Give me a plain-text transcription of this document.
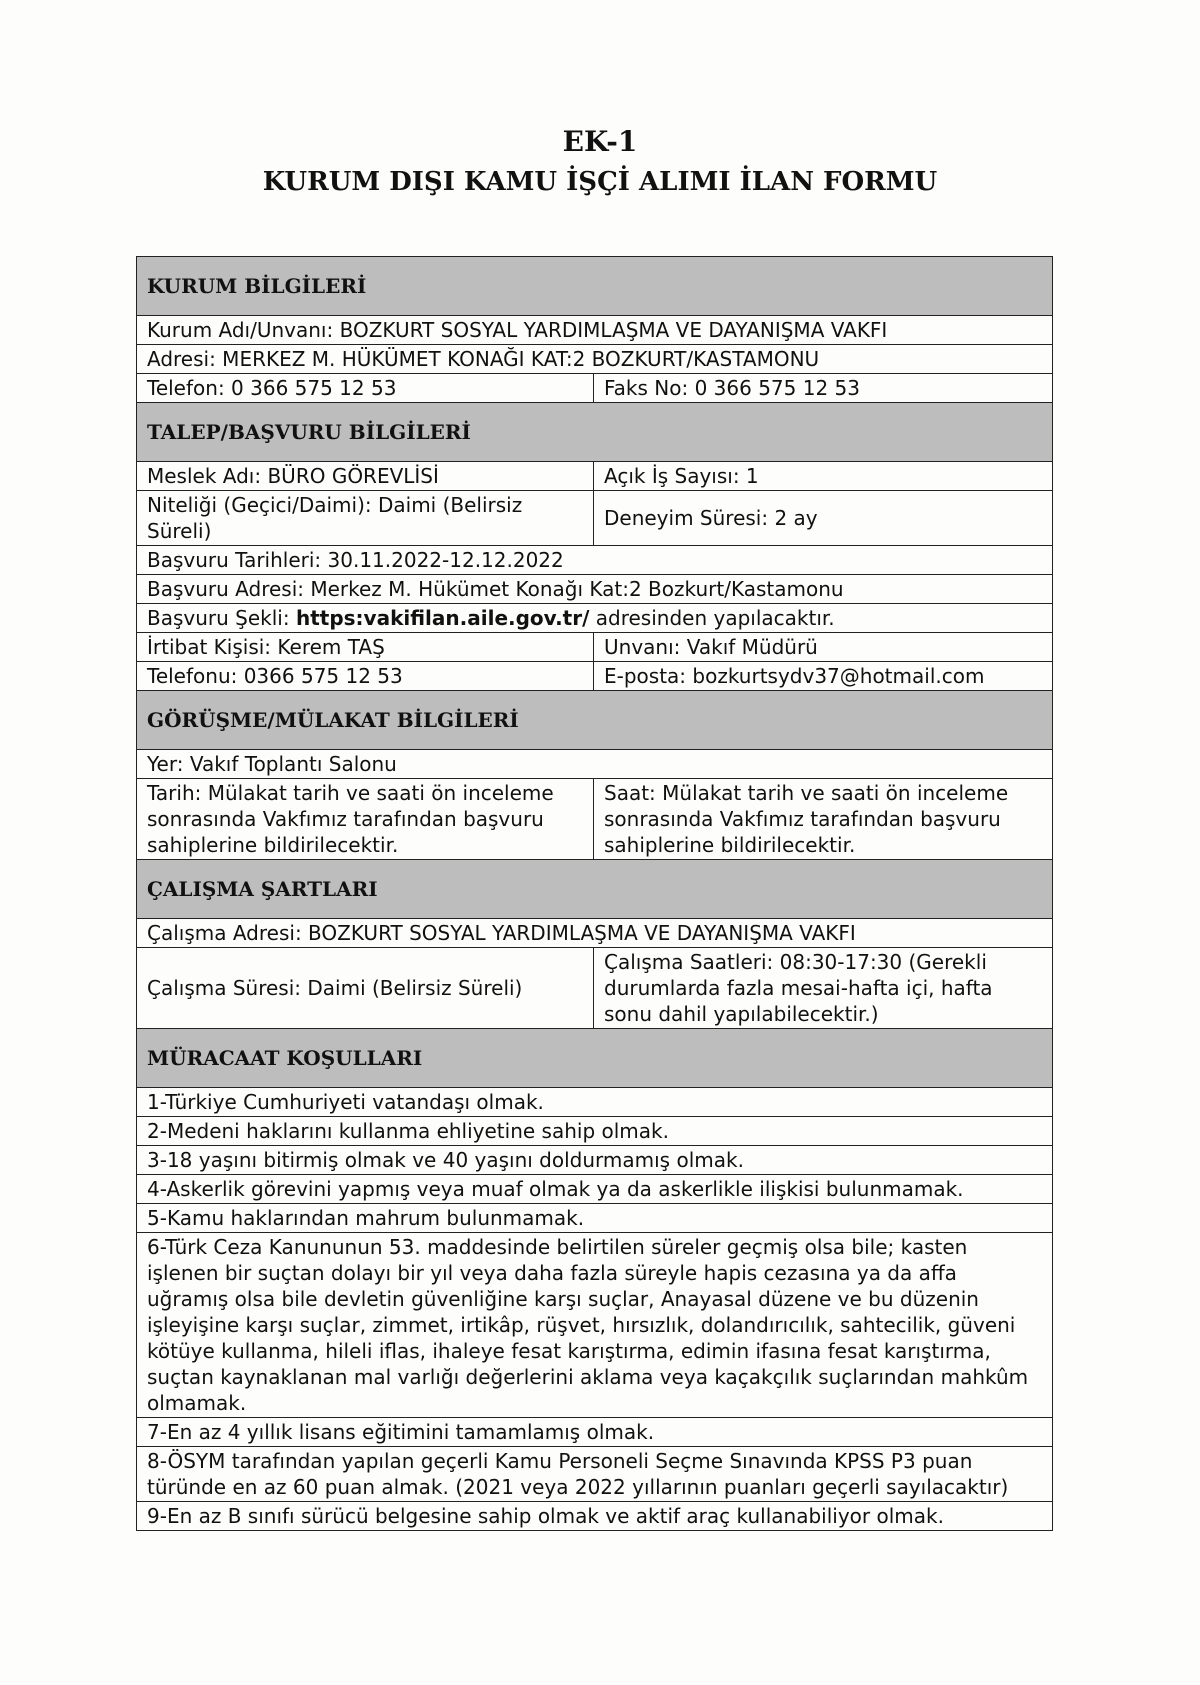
EK-1
KURUM DIŞI KAMU İŞÇİ ALIMI İLAN FORMU
KURUM BİLGİLERİ	
Kurum Adı/Unvanı: BOZKURT SOSYAL YARDIMLAŞMA VE DAYANIŞMA VAKFI	
Adresi: MERKEZ M. HÜKÜMET KONAĞI KAT:2 BOZKURT/KASTAMONU	
Telefon: 0 366 575 12 53	Faks No: 0 366 575 12 53
TALEP/BAŞVURU BİLGİLERİ	
Meslek Adı: BÜRO GÖREVLİSİ	Açık İş Sayısı: 1
Niteliği (Geçici/Daimi): Daimi (Belirsiz Süreli)	Deneyim Süresi: 2 ay
Başvuru Tarihleri: 30.11.2022-12.12.2022	
Başvuru Adresi: Merkez M. Hükümet Konağı Kat:2 Bozkurt/Kastamonu	
Başvuru Şekli: https:vakifilan.aile.gov.tr/ adresinden yapılacaktır.	
İrtibat Kişisi: Kerem TAŞ	Unvanı: Vakıf Müdürü
Telefonu: 0366 575 12 53	E-posta: bozkurtsydv37@hotmail.com
GÖRÜŞME/MÜLAKAT BİLGİLERİ	
Yer: Vakıf Toplantı Salonu	
Tarih: Mülakat tarih ve saati ön inceleme sonrasında Vakfımız tarafından başvuru sahiplerine bildirilecektir.	Saat: Mülakat tarih ve saati ön inceleme sonrasında Vakfımız tarafından başvuru sahiplerine bildirilecektir.
ÇALIŞMA ŞARTLARI	
Çalışma Adresi: BOZKURT SOSYAL YARDIMLAŞMA VE DAYANIŞMA VAKFI	
Çalışma Süresi: Daimi (Belirsiz Süreli)	Çalışma Saatleri: 08:30-17:30 (Gerekli durumlarda fazla mesai-hafta içi, hafta sonu dahil yapılabilecektir.)
MÜRACAAT KOŞULLARI	
1-Türkiye Cumhuriyeti vatandaşı olmak.	
2-Medeni haklarını kullanma ehliyetine sahip olmak.	
3-18 yaşını bitirmiş olmak ve 40 yaşını doldurmamış olmak.	
4-Askerlik görevini yapmış veya muaf olmak ya da askerlikle ilişkisi bulunmamak.	
5-Kamu haklarından mahrum bulunmamak.	
6-Türk Ceza Kanununun 53. maddesinde belirtilen süreler geçmiş olsa bile; kasten işlenen bir suçtan dolayı bir yıl veya daha fazla süreyle hapis cezasına ya da affa uğramış olsa bile devletin güvenliğine karşı suçlar, Anayasal düzene ve bu düzenin işleyişine karşı suçlar, zimmet, irtikâp, rüşvet, hırsızlık, dolandırıcılık, sahtecilik, güveni kötüye kullanma, hileli iflas, ihaleye fesat karıştırma, edimin ifasına fesat karıştırma, suçtan kaynaklanan mal varlığı değerlerini aklama veya kaçakçılık suçlarından mahkûm olmamak.	
7-En az 4 yıllık lisans eğitimini tamamlamış olmak.	
8-ÖSYM tarafından yapılan geçerli Kamu Personeli Seçme Sınavında KPSS P3 puan türünde en az 60 puan almak. (2021 veya 2022 yıllarının puanları geçerli sayılacaktır)	
9-En az B sınıfı sürücü belgesine sahip olmak ve aktif araç kullanabiliyor olmak.	
